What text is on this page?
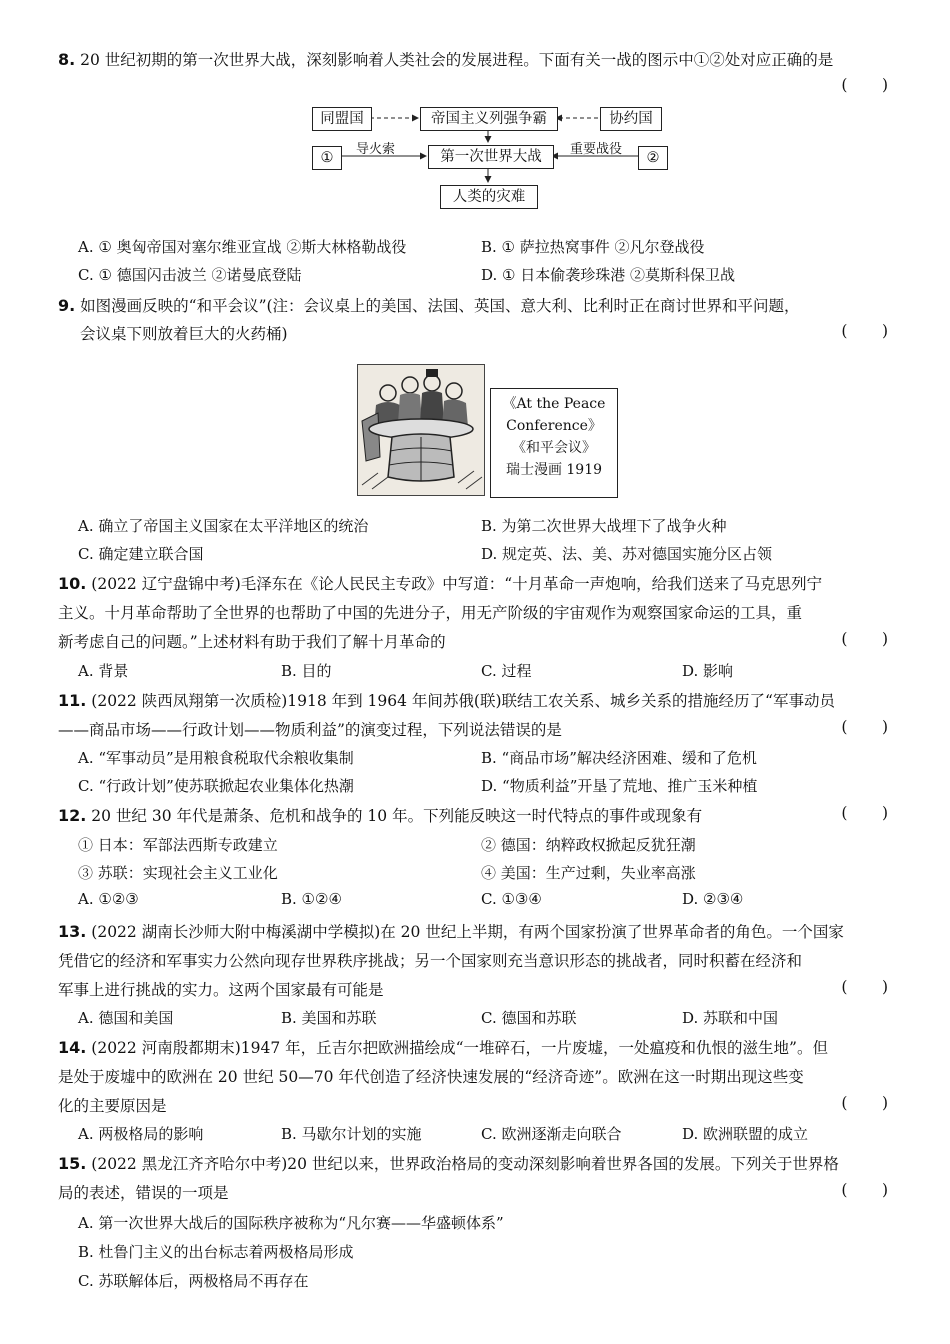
8. 20 世纪初期的第一次世界大战，深刻影响着人类社会的发展进程。下面有关一战的图示中①②处对应正确的是
(       )
同盟国	帝国主义列强争霸	协约国
①
导火索	第一次世界大战	重要战役
②
人类的灾难
A. ① 奥匈帝国对塞尔维亚宣战 ②斯大林格勒战役	B. ① 萨拉热窝事件 ②凡尔登战役
C. ① 德国闪击波兰 ②诺曼底登陆	D. ① 日本偷袭珍珠港 ②莫斯科保卫战
9. 如图漫画反映的“和平会议”(注：会议桌上的美国、法国、英国、意大利、比利时正在商讨世界和平问题，
会议桌下则放着巨大的火药桶)	(       )
《At the Peace
Conference》
《和平会议》
瑞士漫画 1919
A. 确立了帝国主义国家在太平洋地区的统治	B. 为第二次世界大战埋下了战争火种
C. 确定建立联合国	D. 规定英、法、美、苏对德国实施分区占领
10. (2022 辽宁盘锦中考)毛泽东在《论人民民主专政》中写道：“十月革命一声炮响，给我们送来了马克思列宁
主义。十月革命帮助了全世界的也帮助了中国的先进分子，用无产阶级的宇宙观作为观察国家命运的工具，重
新考虑自己的问题。”上述材料有助于我们了解十月革命的	(       )
A. 背景	B. 目的	C. 过程	D. 影响
11. (2022 陕西凤翔第一次质检)1918 年到 1964 年间苏俄(联)联结工农关系、城乡关系的措施经历了“军事动员
——商品市场——行政计划——物质利益”的演变过程，下列说法错误的是	(       )
A. “军事动员”是用粮食税取代余粮收集制	B. “商品市场”解决经济困难、缓和了危机
C. “行政计划”使苏联掀起农业集体化热潮	D. “物质利益”开垦了荒地、推广玉米种植
12. 20 世纪 30 年代是萧条、危机和战争的 10 年。下列能反映这一时代特点的事件或现象有	(       )
① 日本：军部法西斯专政建立	② 德国：纳粹政权掀起反犹狂潮
③ 苏联：实现社会主义工业化	④ 美国：生产过剩，失业率高涨
A. ①②③	B. ①②④	C. ①③④	D. ②③④
13. (2022 湖南长沙师大附中梅溪湖中学模拟)在 20 世纪上半期，有两个国家扮演了世界革命者的角色。一个国家
凭借它的经济和军事实力公然向现存世界秩序挑战；另一个国家则充当意识形态的挑战者，同时积蓄在经济和
军事上进行挑战的实力。这两个国家最有可能是	(       )
A. 德国和美国	B. 美国和苏联	C. 德国和苏联	D. 苏联和中国
14. (2022 河南殷都期末)1947 年，丘吉尔把欧洲描绘成“一堆碎石，一片废墟，一处瘟疫和仇恨的滋生地”。但
是处于废墟中的欧洲在 20 世纪 50—70 年代创造了经济快速发展的“经济奇迹”。欧洲在这一时期出现这些变
化的主要原因是	(       )
A. 两极格局的影响	B. 马歇尔计划的实施	C. 欧洲逐渐走向联合	D. 欧洲联盟的成立
15. (2022 黑龙江齐齐哈尔中考)20 世纪以来，世界政治格局的变动深刻影响着世界各国的发展。下列关于世界格
局的表述，错误的一项是	(       )
A. 第一次世界大战后的国际秩序被称为“凡尔赛——华盛顿体系”
B. 杜鲁门主义的出台标志着两极格局形成
C. 苏联解体后，两极格局不再存在
